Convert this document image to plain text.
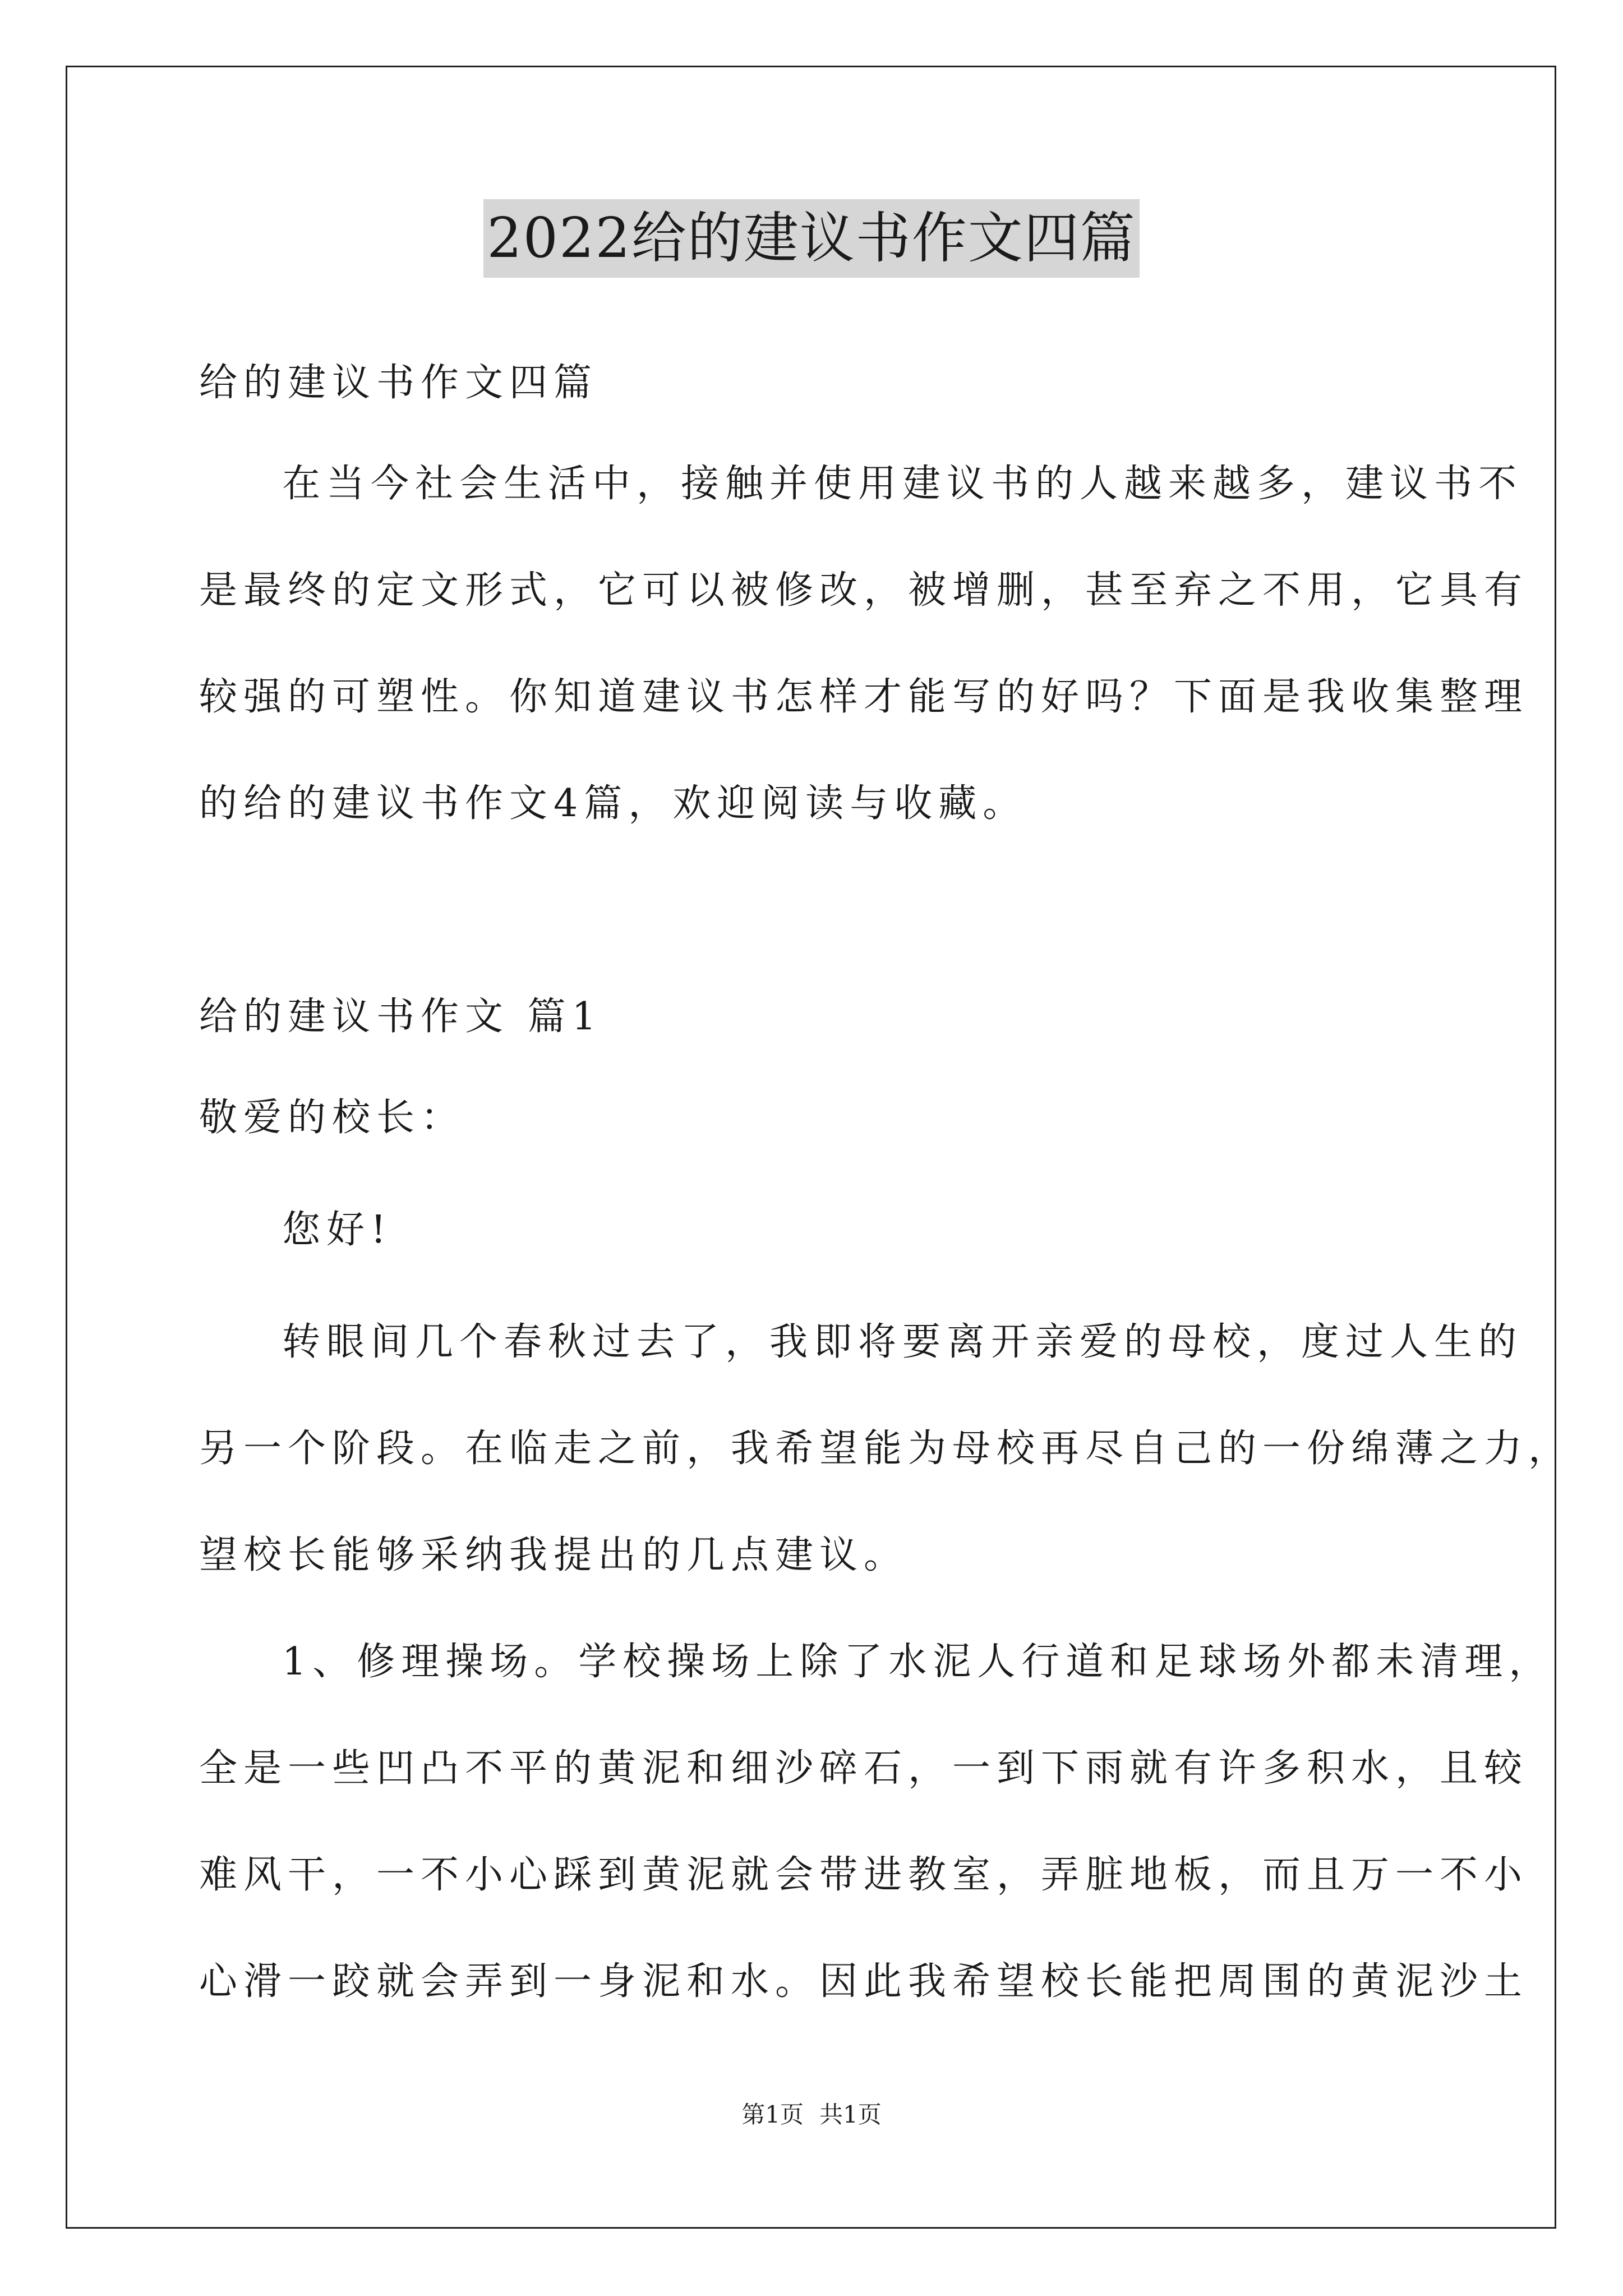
2022给的建议书作文四篇
给的建议书作文四篇
在当今社会生活中，接触并使用建议书的人越来越多，建议书不
是最终的定文形式，它可以被修改，被增删，甚至弃之不用，它具有
较强的可塑性。你知道建议书怎样才能写的好吗？下面是我收集整理
的给的建议书作文4篇，欢迎阅读与收藏。
给的建议书作文 篇1
敬爱的校长：
您好!
转眼间几个春秋过去了，我即将要离开亲爱的母校，度过人生的
另一个阶段。在临走之前，我希望能为母校再尽自己的一份绵薄之力，
望校长能够采纳我提出的几点建议。
1、修理操场。学校操场上除了水泥人行道和足球场外都未清理，
全是一些凹凸不平的黄泥和细沙碎石，一到下雨就有许多积水，且较
难风干，一不小心踩到黄泥就会带进教室，弄脏地板，而且万一不小
心滑一跤就会弄到一身泥和水。因此我希望校长能把周围的黄泥沙土
第1页 共1页
